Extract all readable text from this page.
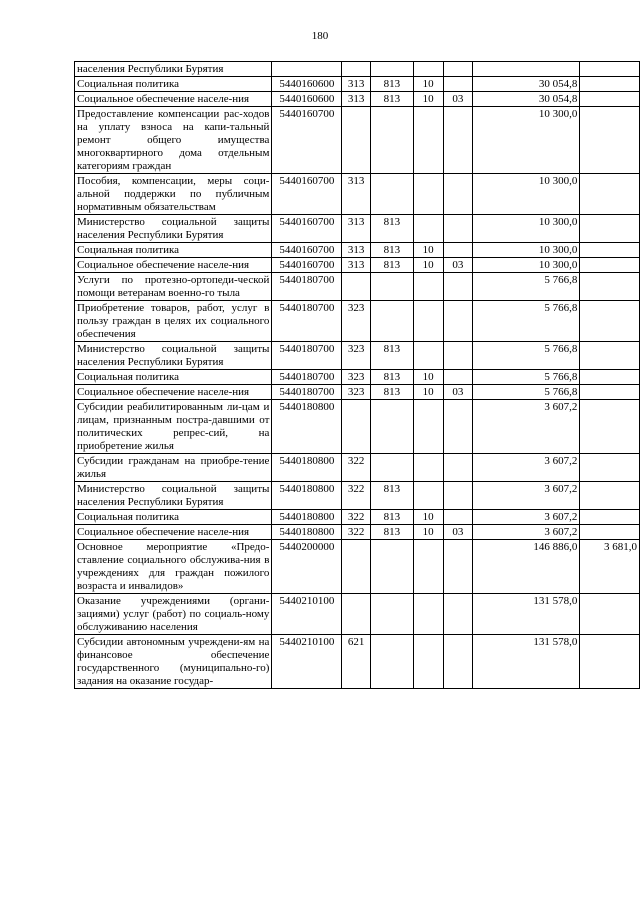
180
населения Республики Бурятия							
Социальная политика	5440160600	313	813	10		30 054,8	
Социальное обеспечение населе-ния	5440160600	313	813	10	03	30 054,8	
Предоставление компенсации рас-ходов на уплату взноса на капи-тальный ремонт общего имущества многоквартирного дома отдельным категориям граждан	5440160700					10 300,0	
Пособия, компенсации, меры соци-альной поддержки по публичным нормативным обязательствам	5440160700	313				10 300,0	
Министерство социальной защиты населения Республики Бурятия	5440160700	313	813			10 300,0	
Социальная политика	5440160700	313	813	10		10 300,0	
Социальное обеспечение населе-ния	5440160700	313	813	10	03	10 300,0	
Услуги по протезно-ортопеди-ческой помощи ветеранам военно-го тыла	5440180700					5 766,8	
Приобретение товаров, работ, услуг в пользу граждан в целях их социального обеспечения	5440180700	323				5 766,8	
Министерство социальной защиты населения Республики Бурятия	5440180700	323	813			5 766,8	
Социальная политика	5440180700	323	813	10		5 766,8	
Социальное обеспечение населе-ния	5440180700	323	813	10	03	5 766,8	
Субсидии реабилитированным ли-цам и лицам, признанным постра-давшими от политических репрес-сий, на приобретение жилья	5440180800					3 607,2	
Субсидии гражданам на приобре-тение жилья	5440180800	322				3 607,2	
Министерство социальной защиты населения Республики Бурятия	5440180800	322	813			3 607,2	
Социальная политика	5440180800	322	813	10		3 607,2	
Социальное обеспечение населе-ния	5440180800	322	813	10	03	3 607,2	
Основное мероприятие «Предо-ставление социального обслужива-ния в учреждениях для граждан пожилого возраста и инвалидов»	5440200000					146 886,0	3 681,0
Оказание учреждениями (органи-зациями) услуг (работ) по социаль-ному обслуживанию населения	5440210100					131 578,0	
Субсидии автономным учреждени-ям на финансовое обеспечение государственного (муниципально-го) задания на оказание государ-	5440210100	621				131 578,0	
